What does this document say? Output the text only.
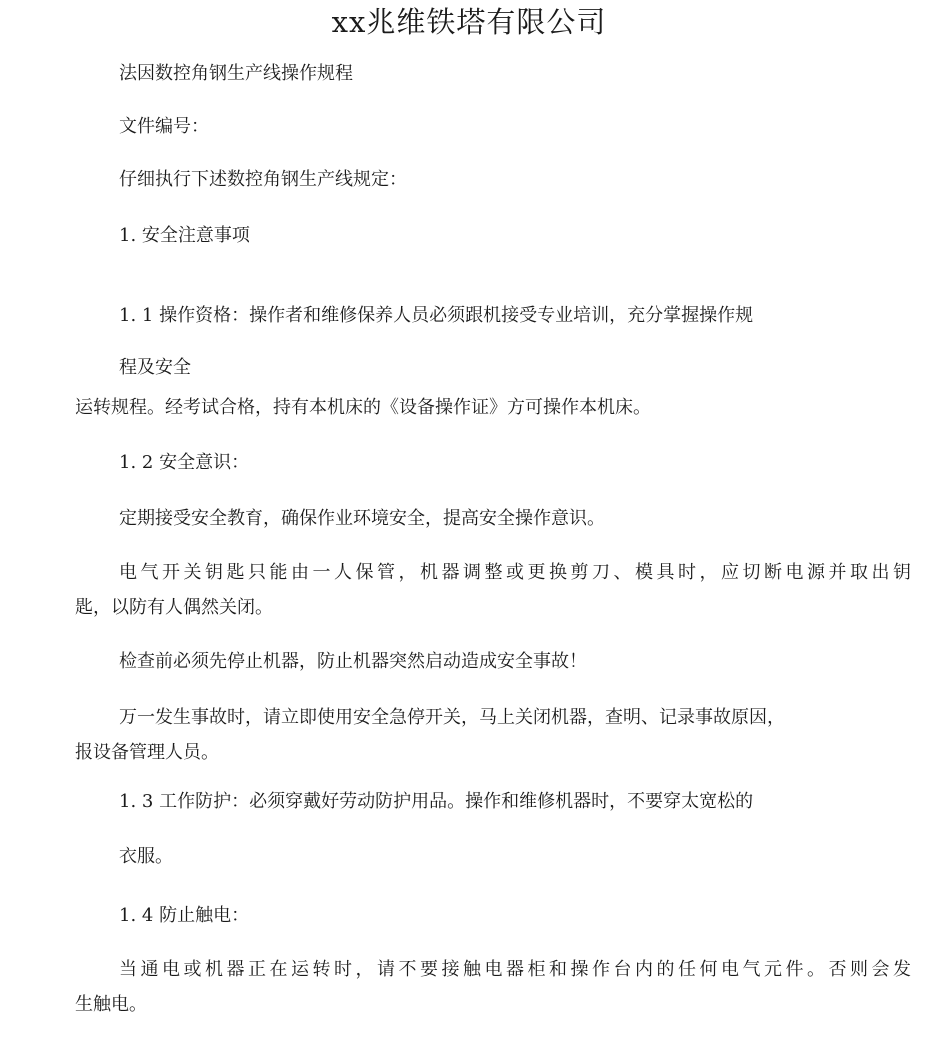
xx兆维铁塔有限公司
法因数控角钢生产线操作规程
文件编号：
仔细执行下述数控角钢生产线规定：
1. 安全注意事项
1. 1 操作资格：操作者和维修保养人员必须跟机接受专业培训，充分掌握操作规
程及安全
运转规程。经考试合格，持有本机床的《设备操作证》方可操作本机床。
1. 2 安全意识：
定期接受安全教育，确保作业环境安全，提高安全操作意识。
电气开关钥匙只能由一人保管，机器调整或更换剪刀、模具时，应切断电源并取出钥
匙，以防有人偶然关闭。
检查前必须先停止机器，防止机器突然启动造成安全事故！
万一发生事故时，请立即使用安全急停开关，马上关闭机器，查明、记录事故原因，
报设备管理人员。
1. 3 工作防护：必须穿戴好劳动防护用品。操作和维修机器时，不要穿太宽松的
衣服。
1. 4 防止触电：
当通电或机器正在运转时，请不要接触电器柜和操作台内的任何电气元件。否则会发
生触电。
